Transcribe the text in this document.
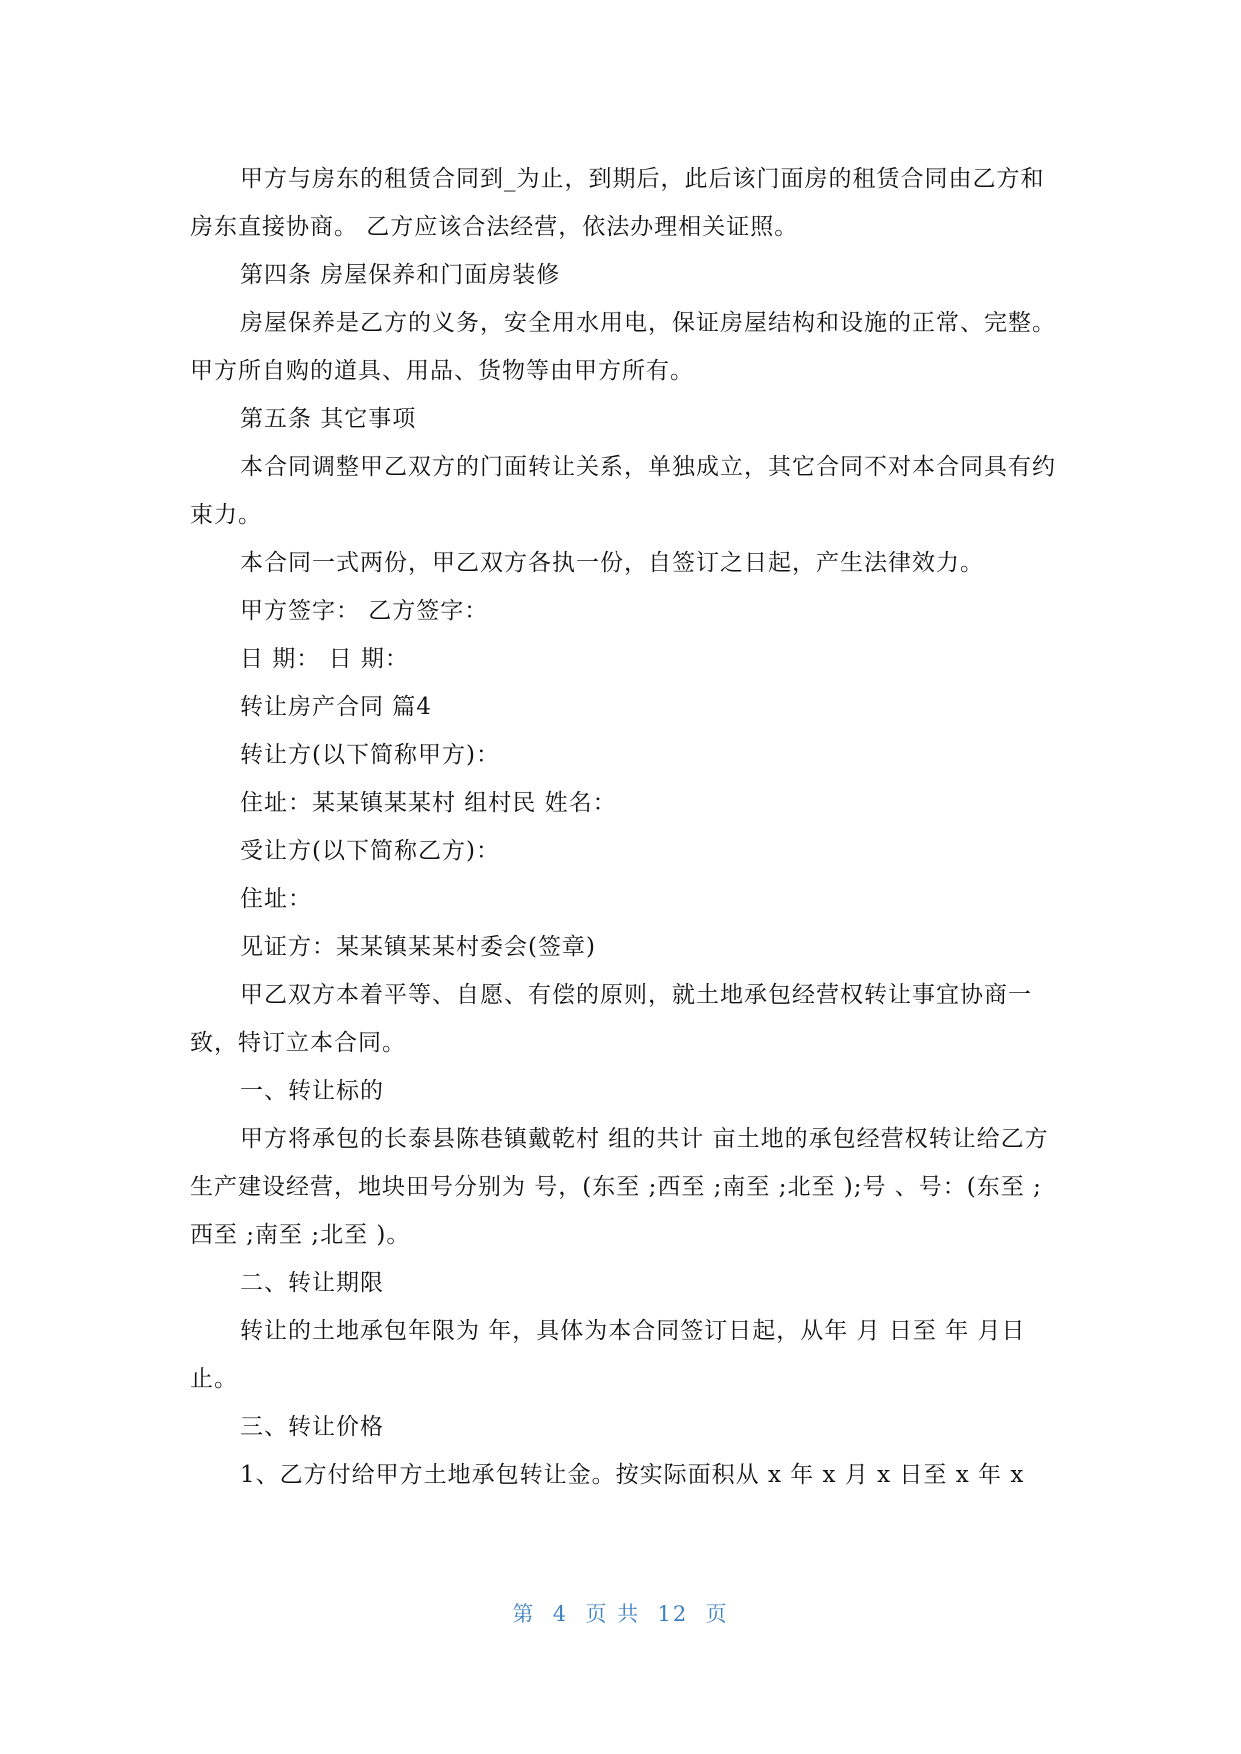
甲方与房东的租赁合同到_为止，到期后，此后该门面房的租赁合同由乙方和房东直接协商。 乙方应该合法经营，依法办理相关证照。

第四条 房屋保养和门面房装修

房屋保养是乙方的义务，安全用水用电，保证房屋结构和设施的正常、完整。甲方所自购的道具、用品、货物等由甲方所有。

第五条 其它事项

本合同调整甲乙双方的门面转让关系，单独成立，其它合同不对本合同具有约束力。

本合同一式两份，甲乙双方各执一份，自签订之日起，产生法律效力。

甲方签字： 乙方签字：

日 期： 日 期：

转让房产合同 篇4

转让方(以下简称甲方)：

住址：某某镇某某村 组村民 姓名：

受让方(以下简称乙方)：

住址：

见证方：某某镇某某村委会(签章)

甲乙双方本着平等、自愿、有偿的原则，就土地承包经营权转让事宜协商一致，特订立本合同。

一、转让标的

甲方将承包的长泰县陈巷镇戴乾村 组的共计 亩土地的承包经营权转让给乙方生产建设经营，地块田号分别为 号，(东至 ;西至 ;南至 ;北至 );号 、号：(东至 ;西至 ;南至 ;北至 )。

二、转让期限

转让的土地承包年限为 年，具体为本合同签订日起，从年 月 日至 年 月日止。

三、转让价格

1、乙方付给甲方土地承包转让金。按实际面积从 x 年 x 月 x 日至 x 年 x

第  4  页 共  12  页
